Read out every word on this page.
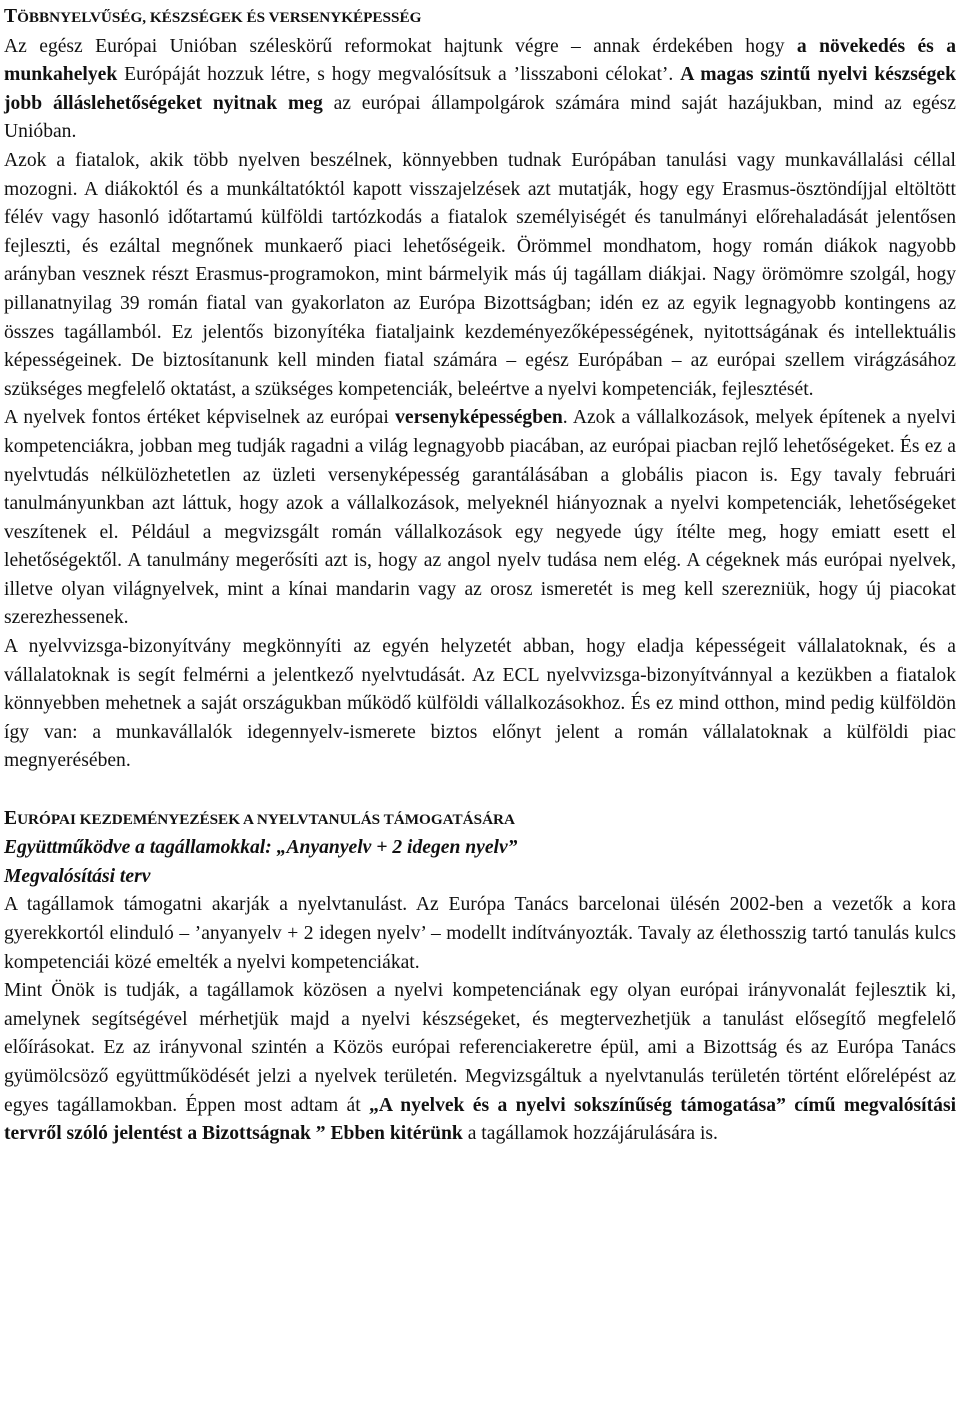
TÖBBNYELVŰSÉG, KÉSZSÉGEK ÉS VERSENYKÉPESSÉG

Az egész Európai Unióban széleskörű reformokat hajtunk végre – annak érdekében hogy a növekedés és a munkahelyek Európáját hozzuk létre, s hogy megvalósítsuk a ’lisszaboni célokat’. A magas szintű nyelvi készségek jobb álláslehetőségeket nyitnak meg az európai állampolgárok számára mind saját hazájukban, mind az egész Unióban.

Azok a fiatalok, akik több nyelven beszélnek, könnyebben tudnak Európában tanulási vagy munkavállalási céllal mozogni. A diákoktól és a munkáltatóktól kapott visszajelzések azt mutatják, hogy egy Erasmus-ösztöndíjjal eltöltött félév vagy hasonló időtartamú külföldi tartózkodás a fiatalok személyiségét és tanulmányi előrehaladását jelentősen fejleszti, és ezáltal megnőnek munkaerő piaci lehetőségeik. Örömmel mondhatom, hogy román diákok nagyobb arányban vesznek részt Erasmus-programokon, mint bármelyik más új tagállam diákjai. Nagy örömömre szolgál, hogy pillanatnyilag 39 román fiatal van gyakorlaton az Európa Bizottságban; idén ez az egyik legnagyobb kontingens az összes tagállamból. Ez jelentős bizonyítéka fiataljaink kezdeményezőképességének, nyitottságának és intellektuális képességeinek. De biztosítanunk kell minden fiatal számára – egész Európában – az európai szellem virágzásához szükséges megfelelő oktatást, a szükséges kompetenciák, beleértve a nyelvi kompetenciák, fejlesztését.

A nyelvek fontos értéket képviselnek az európai versenyképességben. Azok a vállalkozások, melyek építenek a nyelvi kompetenciákra, jobban meg tudják ragadni a világ legnagyobb piacában, az európai piacban rejlő lehetőségeket. És ez a nyelvtudás nélkülözhetetlen az üzleti versenyképesség garantálásában a globális piacon is. Egy tavaly februári tanulmányunkban azt láttuk, hogy azok a vállalkozások, melyeknél hiányoznak a nyelvi kompetenciák, lehetőségeket veszítenek el. Például a megvizsgált román vállalkozások egy negyede úgy ítélte meg, hogy emiatt esett el lehetőségektől. A tanulmány megerősíti azt is, hogy az angol nyelv tudása nem elég. A cégeknek más európai nyelvek, illetve olyan világnyelvek, mint a kínai mandarin vagy az orosz ismeretét is meg kell szerezniük, hogy új piacokat szerezhessenek.

A nyelvvizsga-bizonyítvány megkönnyíti az egyén helyzetét abban, hogy eladja képességeit vállalatoknak, és a vállalatoknak is segít felmérni a jelentkező nyelvtudását. Az ECL nyelvvizsga-bizonyítvánnyal a kezükben a fiatalok könnyebben mehetnek a saját országukban működő külföldi vállalkozásokhoz. És ez mind otthon, mind pedig külföldön így van: a munkavállalók idegennyelv-ismerete biztos előnyt jelent a román vállalatoknak a külföldi piac megnyerésében.

EURÓPAI KEZDEMÉNYEZÉSEK A NYELVTANULÁS TÁMOGATÁSÁRA

Együttműködve a tagállamokkal: „Anyanyelv + 2 idegen nyelv”

Megvalósítási terv

A tagállamok támogatni akarják a nyelvtanulást. Az Európa Tanács barcelonai ülésén 2002-ben a vezetők a kora gyerekkortól elinduló – ’anyanyelv + 2 idegen nyelv’ – modellt indítványozták. Tavaly az élethosszig tartó tanulás kulcs kompetenciái közé emelték a nyelvi kompetenciákat.

Mint Önök is tudják, a tagállamok közösen a nyelvi kompetenciának egy olyan európai irányvonalát fejlesztik ki, amelynek segítségével mérhetjük majd a nyelvi készségeket, és megtervezhetjük a tanulást elősegítő megfelelő előírásokat. Ez az irányvonal szintén a Közös európai referenciakeretre épül, ami a Bizottság és az Európa Tanács gyümölcsöző együttműködését jelzi a nyelvek területén. Megvizsgáltuk a nyelvtanulás területén történt előrelépést az egyes tagállamokban. Éppen most adtam át „A nyelvek és a nyelvi sokszínűség támogatása” című megvalósítási tervről szóló jelentést a Bizottságnak ” Ebben kitérünk a tagállamok hozzájárulására is.
